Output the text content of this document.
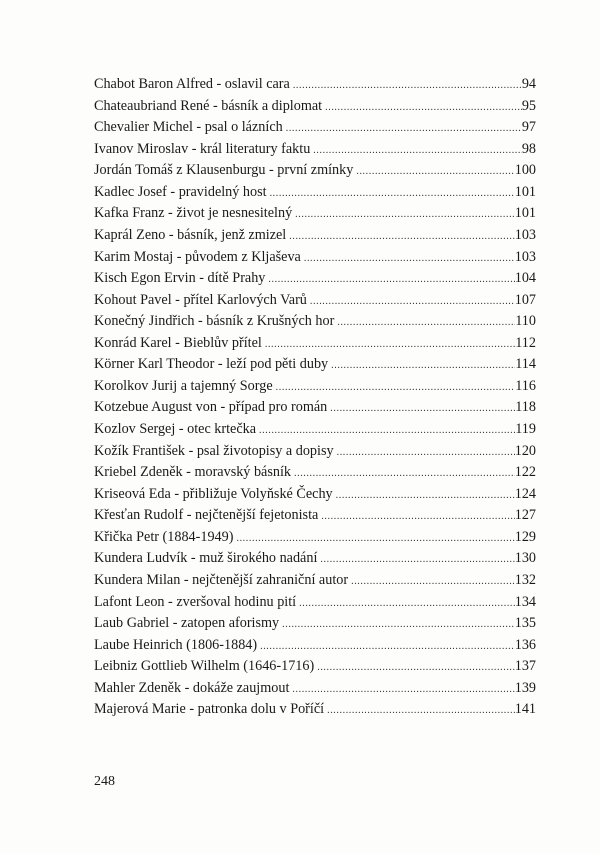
Chabot Baron Alfred - oslavil cara .....	94
Chateaubriand René - básník a diplomat .....	95
Chevalier Michel - psal o lázních .....	97
Ivanov Miroslav - král literatury faktu .....	98
Jordán Tomáš z Klausenburgu - první zmínky .....	100
Kadlec Josef - pravidelný host .....	101
Kafka Franz - život je nesnesitelný .....	101
Kaprál Zeno - básník, jenž zmizel .....	103
Karim Mostaj - původem z Kljaševa .....	103
Kisch Egon Ervin - dítě Prahy .....	104
Kohout Pavel - přítel Karlových Varů .....	107
Konečný Jindřich - básník z Krušných hor .....	110
Konrád Karel - Bieblův přítel .....	112
Körner Karl Theodor - leží pod pěti duby .....	114
Korolkov Jurij a tajemný Sorge .....	116
Kotzebue August von - případ pro román .....	118
Kozlov Sergej - otec krtečka .....	119
Kožík František - psal životopisy a dopisy .....	120
Kriebel Zdeněk - moravský básník .....	122
Kriseová Eda - přibližuje Volyňské Čechy .....	124
Křesťan Rudolf - nejčtenější fejetonista .....	127
Křička Petr (1884-1949) .....	129
Kundera Ludvík - muž širokého nadání .....	130
Kundera Milan - nejčtenější zahraniční autor .....	132
Lafont Leon - zveršoval hodinu pití .....	134
Laub Gabriel - zatopen aforismy .....	135
Laube Heinrich (1806-1884) .....	136
Leibniz Gottlieb Wilhelm (1646-1716) .....	137
Mahler Zdeněk - dokáže zaujmout .....	139
Majerová Marie - patronka dolu v Poříčí .....	141
248
